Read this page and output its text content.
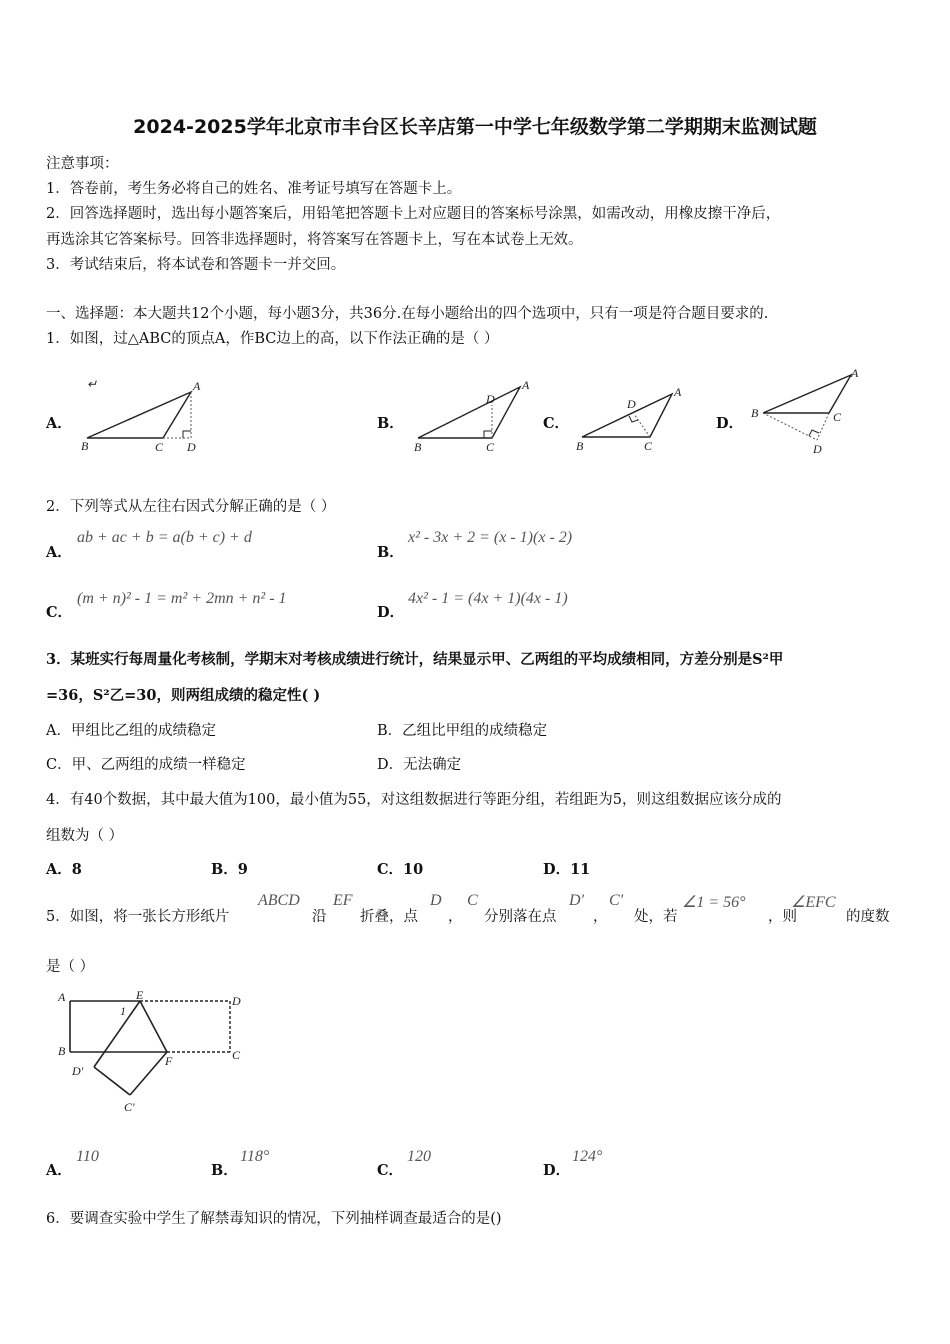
2024-2025学年北京市丰台区长辛店第一中学七年级数学第二学期期末监测试题
注意事项：
1．答卷前，考生务必将自己的姓名、准考证号填写在答题卡上。
2．回答选择题时，选出每小题答案后，用铅笔把答题卡上对应题目的答案标号涂黑，如需改动，用橡皮擦干净后，
再选涂其它答案标号。回答非选择题时，将答案写在答题卡上，写在本试卷上无效。
3．考试结束后，将本试卷和答题卡一并交回。
一、选择题：本大题共12个小题，每小题3分，共36分.在每小题给出的四个选项中，只有一项是符合题目要求的.
1．如图，过△ABC的顶点A，作BC边上的高，以下作法正确的是（ ）
A．
↵	A
B	C D
B．
A
D
B	C
C．
A
D
B	C
D．
A
B	C
D
2．下列等式从左往右因式分解正确的是（ ）
A．
ab + ac + b = a(b + c) + d
B．
x² - 3x + 2 = (x - 1)(x - 2)
C．
(m + n)² - 1 = m² + 2mn + n² - 1
D．
4x² - 1 = (4x + 1)(4x - 1)
3．某班实行每周量化考核制，学期末对考核成绩进行统计，结果显示甲、乙两组的平均成绩相同，方差分别是S²甲
=36，S²乙=30，则两组成绩的稳定性( )
A．甲组比乙组的成绩稳定	B．乙组比甲组的成绩稳定
C．甲、乙两组的成绩一样稳定	D．无法确定
4．有40个数据，其中最大值为100，最小值为55，对这组数据进行等距分组，若组距为5，则这组数据应该分成的
组数为（ ）
A．8	B．9	C．10	D．11
5．如图，将一张长方形纸片
ABCD
沿
EF
折叠，点
D
，
C
分别落在点
D'
，
C'
处，若
∠1 = 56°
，则
∠EFC
的度数
是（ ）
A	E
1
D
B	C
F
D'
C'
A．
110
B．
118°
C．
120
D．
124°
6．要调查实验中学生了解禁毒知识的情况，下列抽样调查最适合的是()
